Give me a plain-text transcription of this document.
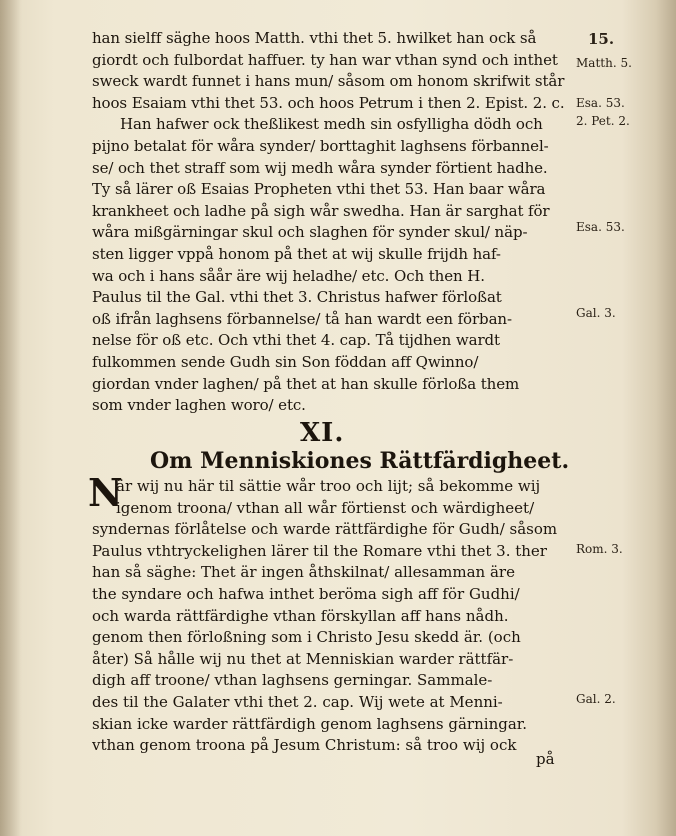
15.

han sielff säghe hoos Matth. vthi thet 5. hwilket han ock så
giordt och fulbordat haffuer. ty han war vthan synd och inthet
sweck wardt funnet i hans mun/ såsom om honom skrifwit står
hoos Esaiam vthi thet 53. och hoos Petrum i then 2. Epist. 2. c.
Han hafwer ock theßlikest medh sin osfylligha dödh och
pijno betalat för wåra synder/ borttaghit laghsens förbannel-
se/ och thet straff som wij medh wåra synder förtient hadhe.
Ty så lärer oß Esaias Propheten vthi thet 53. Han baar wåra
krankheet och ladhe på sigh wår swedha. Han är sarghat för
wåra mißgärningar skul och slaghen för synder skul/ näp-
sten ligger vppå honom på thet at wij skulle frijdh haf-
wa och i hans såår äre wij heladhe/ etc. Och then H.
Paulus til the Gal. vthi thet 3. Christus hafwer förloßat
oß ifrån laghsens förbannelse/ tå han wardt een förban-
nelse för oß etc. Och vthi thet 4. cap. Tå tijdhen wardt
fulkommen sende Gudh sin Son föddan aff Qwinno/
giordan vnder laghen/ på thet at han skulle förloßa them
som vnder laghen woro/ etc.

XI.

Om Menniskiones Rättfärdigheet.

N
är wij nu här til sättie wår troo och lijt; så bekomme wij
igenom troona/ vthan all wår förtienst och wärdigheet/
syndernas förlåtelse och warde rättfärdighe för Gudh/ såsom
Paulus vthtryckelighen lärer til the Romare vthi thet 3. ther
han så säghe: Thet är ingen åthskilnat/ allesamman äre
the syndare och hafwa inthet beröma sigh aff för Gudhi/
och warda rättfärdighe vthan förskyllan aff hans nådh.
genom then förloßning som i Christo Jesu skedd är. (och
åter) Så hålle wij nu thet at Menniskian warder rättfär-
digh aff troone/ vthan laghsens gerningar. Sammale-
des til the Galater vthi thet 2. cap. Wij wete at Menni-
skian icke warder rättfärdigh genom laghsens gärningar.
vthan genom troona på Jesum Christum: så troo wij ock
på

Matth. 5.

Esa. 53.

2. Pet. 2.

Esa. 53.

Gal. 3.

Rom. 3.

Gal. 2.
